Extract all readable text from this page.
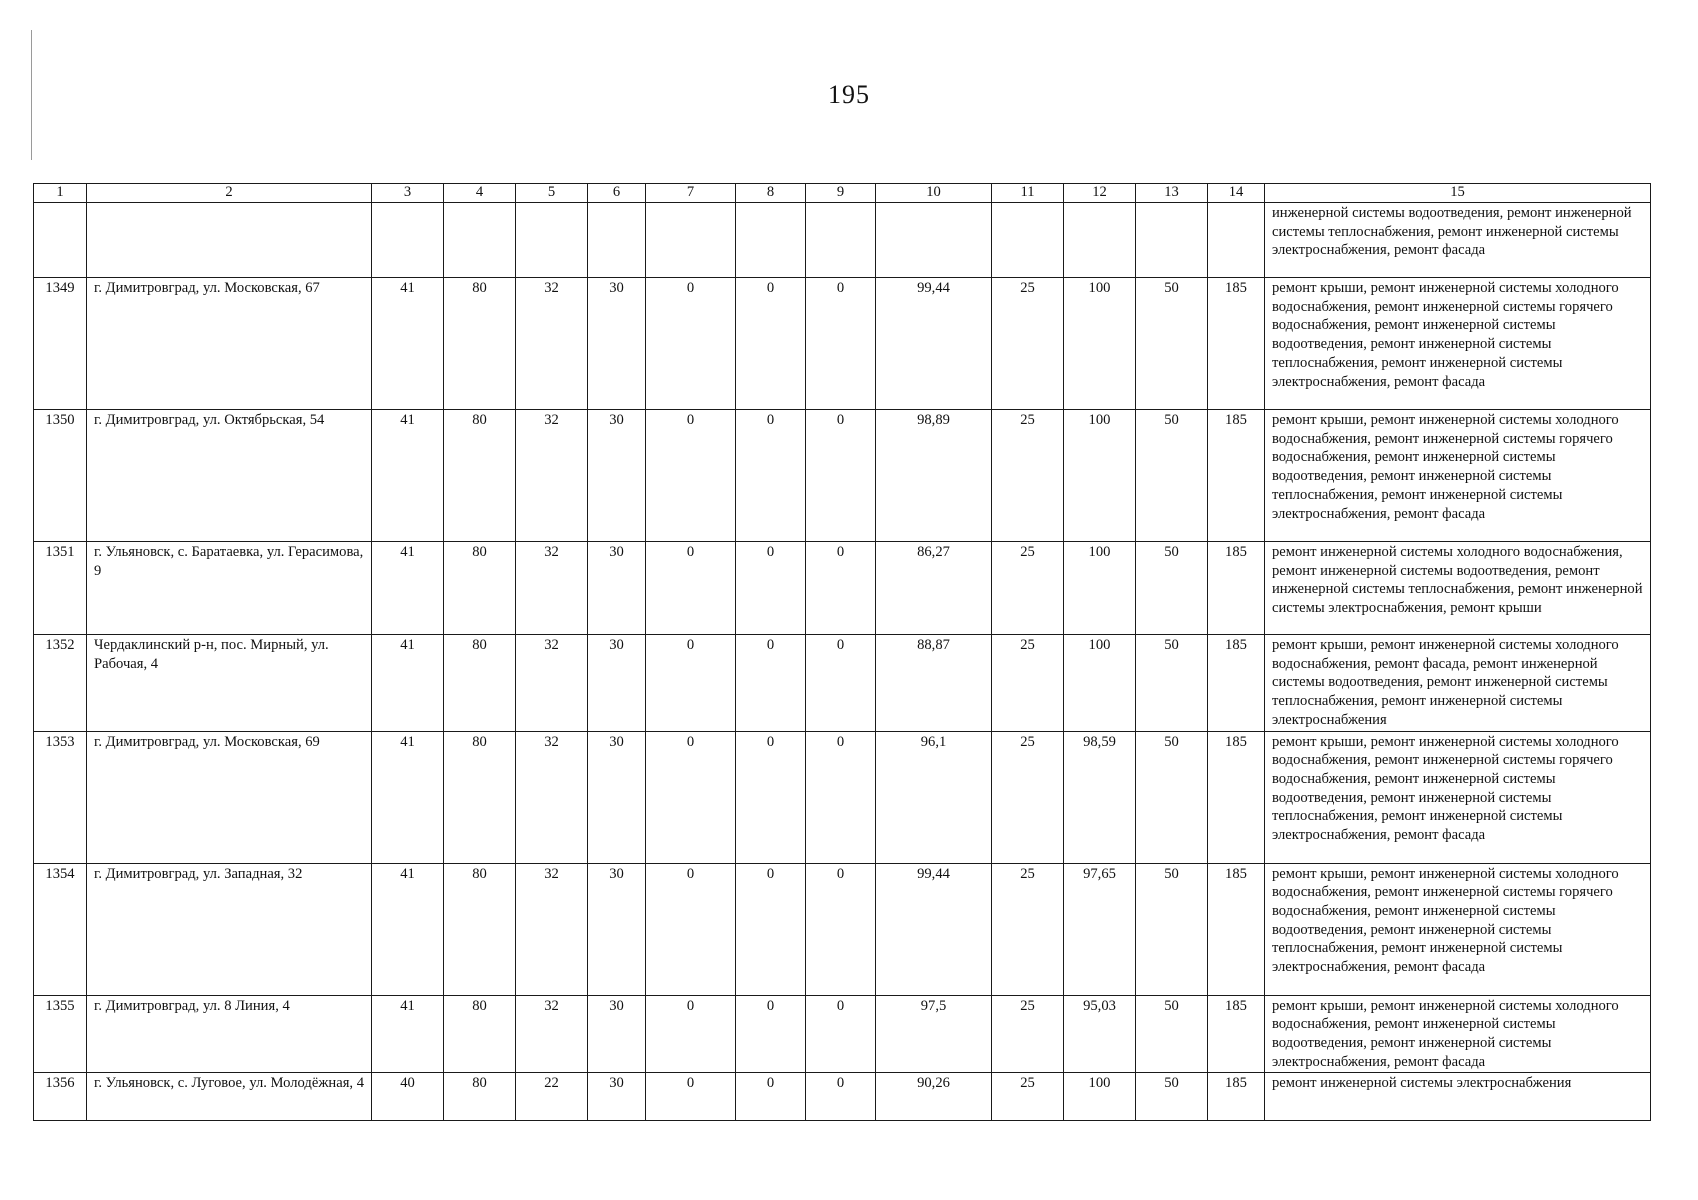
195
1	2	3	4	5	6	7	8	9	10	11	12	13	14	15
														инженерной системы водоотведения, ремонт инженерной системы теплоснабжения, ремонт инженерной системы электроснабжения, ремонт фасада
1349	г. Димитровград, ул. Московская, 67	41	80	32	30	0	0	0	99,44	25	100	50	185	ремонт крыши, ремонт инженерной системы холодного водоснабжения, ремонт инженерной системы горячего водоснабжения, ремонт инженерной системы водоотведения, ремонт инженерной системы теплоснабжения, ремонт инженерной системы электроснабжения, ремонт фасада
1350	г. Димитровград, ул. Октябрьская, 54	41	80	32	30	0	0	0	98,89	25	100	50	185	ремонт крыши, ремонт инженерной системы холодного водоснабжения, ремонт инженерной системы горячего водоснабжения, ремонт инженерной системы водоотведения, ремонт инженерной системы теплоснабжения, ремонт инженерной системы электроснабжения, ремонт фасада
1351	г. Ульяновск, с. Баратаевка, ул. Герасимова, 9	41	80	32	30	0	0	0	86,27	25	100	50	185	ремонт инженерной системы холодного водоснабжения, ремонт инженерной системы водоотведения, ремонт инженерной системы теплоснабжения, ремонт инженерной системы электроснабжения, ремонт крыши
1352	Чердаклинский р-н, пос. Мирный, ул. Рабочая, 4	41	80	32	30	0	0	0	88,87	25	100	50	185	ремонт крыши, ремонт инженерной системы холодного водоснабжения, ремонт фасада, ремонт инженерной системы водоотведения, ремонт инженерной системы теплоснабжения, ремонт инженерной системы электроснабжения
1353	г. Димитровград, ул. Московская, 69	41	80	32	30	0	0	0	96,1	25	98,59	50	185	ремонт крыши, ремонт инженерной системы холодного водоснабжения, ремонт инженерной системы горячего водоснабжения, ремонт инженерной системы водоотведения, ремонт инженерной системы теплоснабжения, ремонт инженерной системы электроснабжения, ремонт фасада
1354	г. Димитровград, ул. Западная, 32	41	80	32	30	0	0	0	99,44	25	97,65	50	185	ремонт крыши, ремонт инженерной системы холодного водоснабжения, ремонт инженерной системы горячего водоснабжения, ремонт инженерной системы водоотведения, ремонт инженерной системы теплоснабжения, ремонт инженерной системы электроснабжения, ремонт фасада
1355	г. Димитровград, ул. 8 Линия, 4	41	80	32	30	0	0	0	97,5	25	95,03	50	185	ремонт крыши, ремонт инженерной системы холодного водоснабжения, ремонт инженерной системы водоотведения, ремонт инженерной системы электроснабжения, ремонт фасада
1356	г. Ульяновск, с. Луговое, ул. Молодёжная, 4	40	80	22	30	0	0	0	90,26	25	100	50	185	ремонт инженерной системы электроснабжения
